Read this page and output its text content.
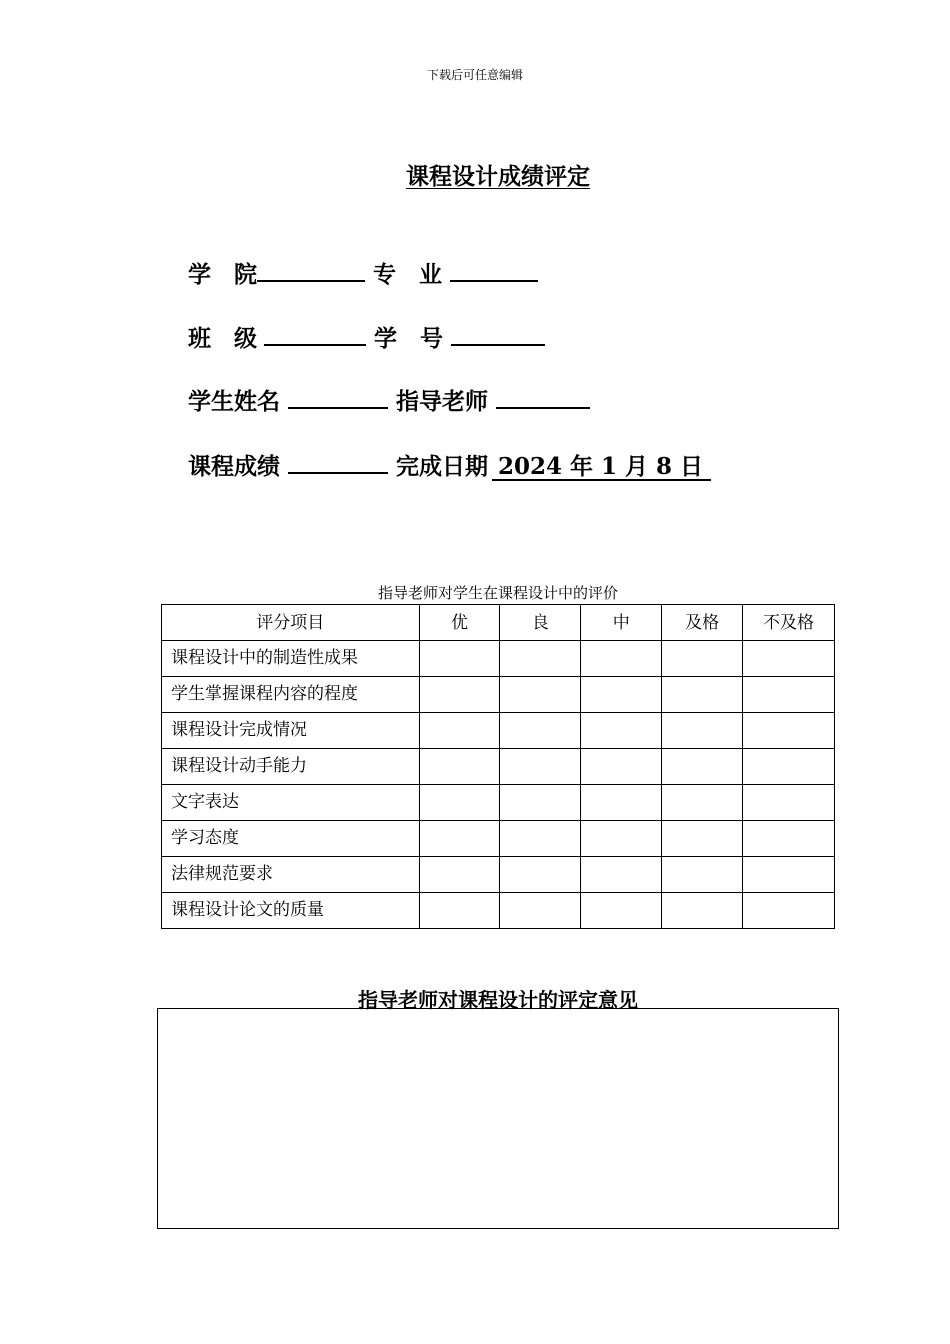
下载后可任意编辑
课程设计成绩评定
学　院	专　业
班　级	学　号
学生姓名	指导老师
课程成绩	完成日期 2024 年 1 月 8 日
指导老师对学生在课程设计中的评价
评分项目	优	良	中	及格	不及格
课程设计中的制造性成果					
学生掌握课程内容的程度					
课程设计完成情况					
课程设计动手能力					
文字表达					
学习态度					
法律规范要求					
课程设计论文的质量					
指导老师对课程设计的评定意见
